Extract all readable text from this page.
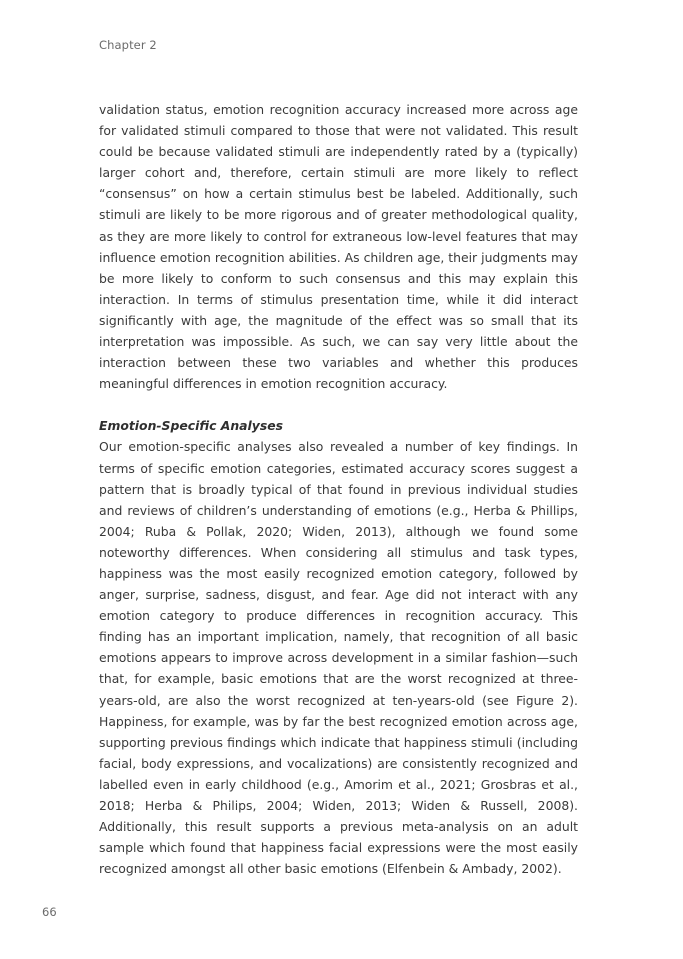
Chapter 2

validation status, emotion recognition accuracy increased more across age for validated stimuli compared to those that were not validated. This result could be because validated stimuli are independently rated by a (typically) larger cohort and, therefore, certain stimuli are more likely to reflect “consensus” on how a certain stimulus best be labeled. Additionally, such stimuli are likely to be more rigorous and of greater methodological quality, as they are more likely to control for extraneous low-level features that may influence emotion recognition abilities. As children age, their judgments may be more likely to conform to such consensus and this may explain this interaction. In terms of stimulus presentation time, while it did interact significantly with age, the magnitude of the effect was so small that its interpretation was impossible. As such, we can say very little about the interaction between these two variables and whether this produces meaningful differences in emotion recognition accuracy.

Emotion-Specific Analyses

Our emotion-specific analyses also revealed a number of key findings. In terms of specific emotion categories, estimated accuracy scores suggest a pattern that is broadly typical of that found in previous individual studies and reviews of children’s understanding of emotions (e.g., Herba & Phillips, 2004; Ruba & Pollak, 2020; Widen, 2013), although we found some noteworthy differences. When considering all stimulus and task types, happiness was the most easily recognized emotion category, followed by anger, surprise, sadness, disgust, and fear. Age did not interact with any emotion category to produce differences in recognition accuracy. This finding has an important implication, namely, that recognition of all basic emotions appears to improve across development in a similar fashion—such that, for example, basic emotions that are the worst recognized at three-years-old, are also the worst recognized at ten-years-old (see Figure 2). Happiness, for example, was by far the best recognized emotion across age, supporting previous findings which indicate that happiness stimuli (including facial, body expressions, and vocalizations) are consistently recognized and labelled even in early childhood (e.g., Amorim et al., 2021; Grosbras et al., 2018; Herba & Philips, 2004; Widen, 2013; Widen & Russell, 2008). Additionally, this result supports a previous meta-analysis on an adult sample which found that happiness facial expressions were the most easily recognized amongst all other basic emotions (Elfenbein & Ambady, 2002).

66
